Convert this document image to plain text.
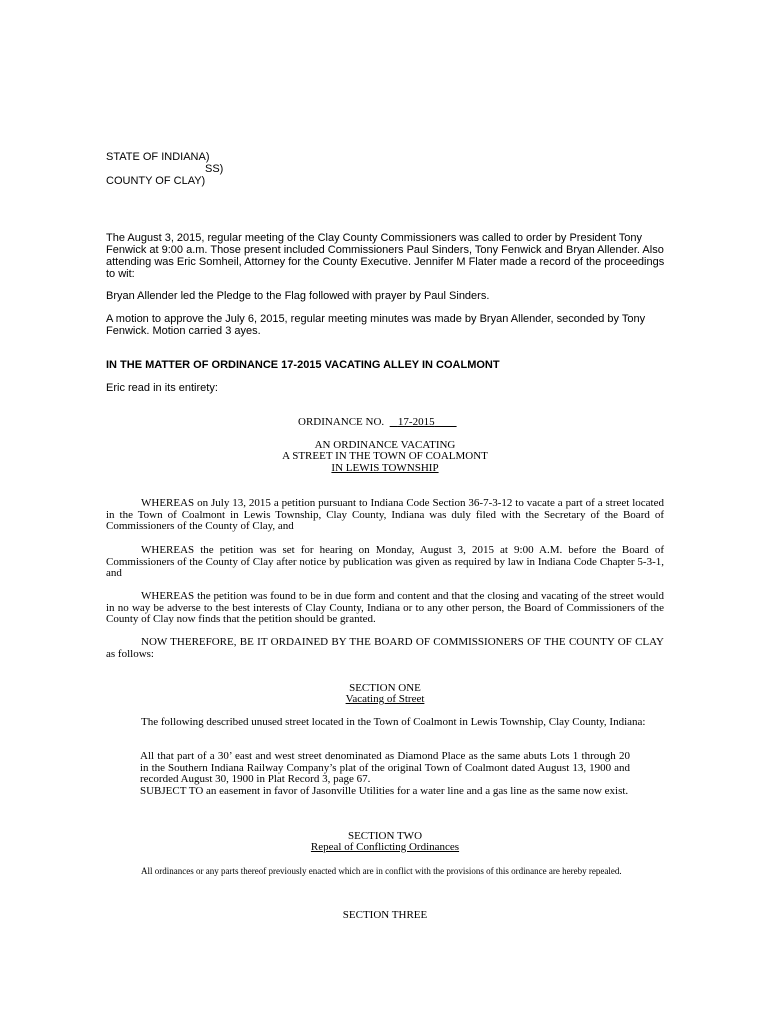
STATE OF INDIANA)
SS)
COUNTY OF CLAY)

The August 3, 2015, regular meeting of the Clay County Commissioners was called to order by President Tony Fenwick at 9:00 a.m. Those present included Commissioners Paul Sinders, Tony Fenwick and Bryan Allender. Also attending was Eric Somheil, Attorney for the County Executive. Jennifer M Flater made a record of the proceedings to wit:

Bryan Allender led the Pledge to the Flag followed with prayer by Paul Sinders.

A motion to approve the July 6, 2015, regular meeting minutes was made by Bryan Allender, seconded by Tony Fenwick. Motion carried 3 ayes.

IN THE MATTER OF ORDINANCE 17-2015 VACATING ALLEY IN COALMONT
Eric read in its entirety:
ORDINANCE NO. 17-2015
AN ORDINANCE VACATING
A STREET IN THE TOWN OF COALMONT
IN LEWIS TOWNSHIP

WHEREAS on July 13, 2015 a petition pursuant to Indiana Code Section 36-7-3-12 to vacate a part of a street located in the Town of Coalmont in Lewis Township, Clay County, Indiana was duly filed with the Secretary of the Board of Commissioners of the County of Clay, and

WHEREAS the petition was set for hearing on Monday, August 3, 2015 at 9:00 A.M. before the Board of Commissioners of the County of Clay after notice by publication was given as required by law in Indiana Code Chapter 5-3-1, and

WHEREAS the petition was found to be in due form and content and that the closing and vacating of the street would in no way be adverse to the best interests of Clay County, Indiana or to any other person, the Board of Commissioners of the County of Clay now finds that the petition should be granted.

NOW THEREFORE, BE IT ORDAINED BY THE BOARD OF COMMISSIONERS OF THE COUNTY OF CLAY as follows:

SECTION ONE
Vacating of Street

The following described unused street located in the Town of Coalmont in Lewis Township, Clay County, Indiana:

All that part of a 30’ east and west street denominated as Diamond Place as the same abuts Lots 1 through 20 in the Southern Indiana Railway Company’s plat of the original Town of Coalmont dated August 13, 1900 and recorded August 30, 1900 in Plat Record 3, page 67.

SUBJECT TO an easement in favor of Jasonville Utilities for a water line and a gas line as the same now exist.

SECTION TWO
Repeal of Conflicting Ordinances

All ordinances or any parts thereof previously enacted which are in conflict with the provisions of this ordinance are hereby repealed.

SECTION THREE
